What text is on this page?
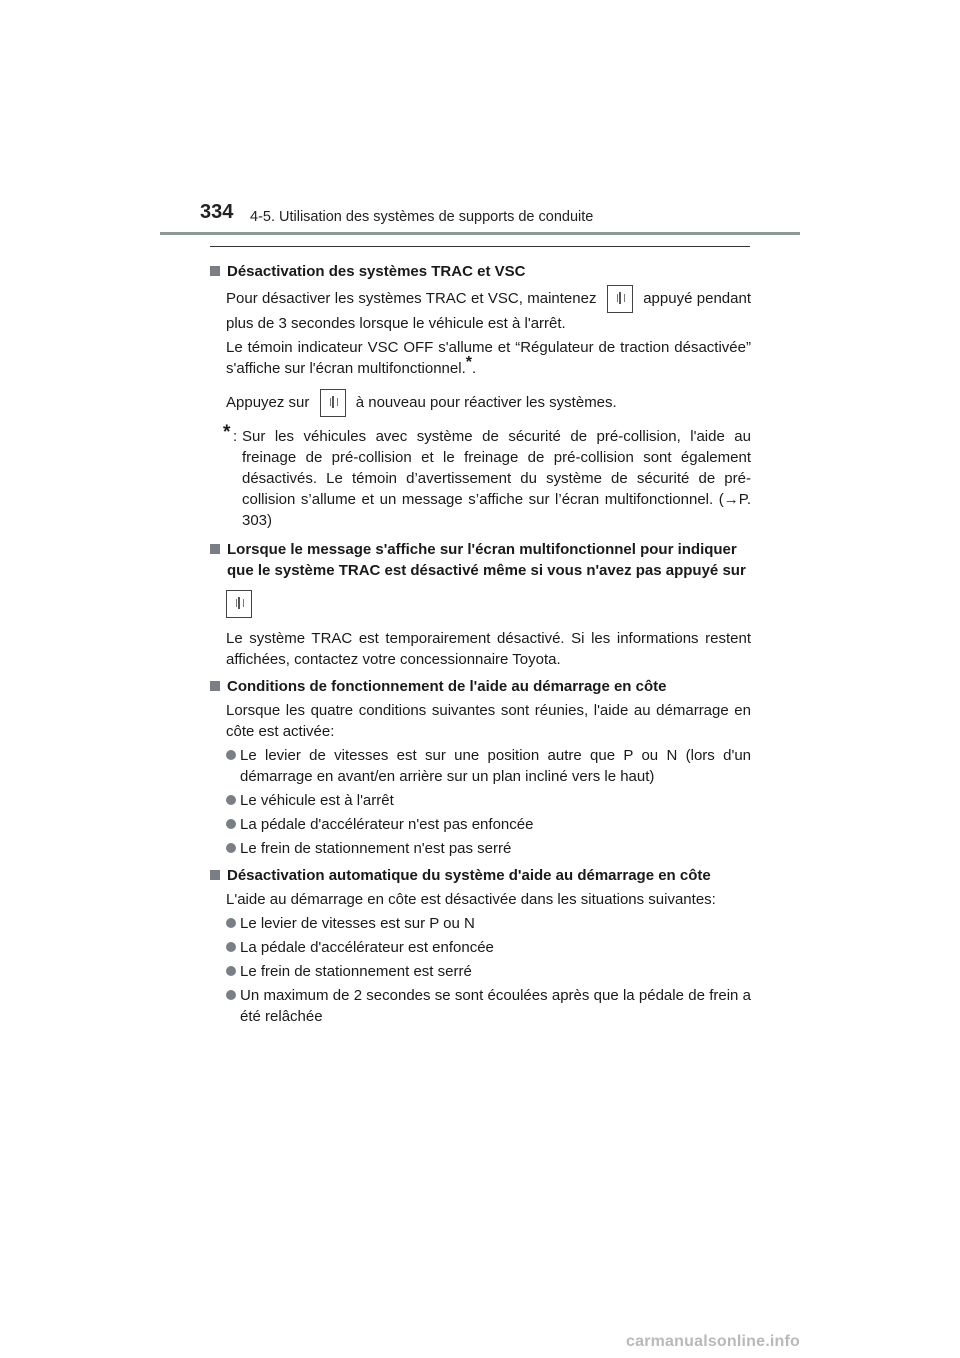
334 4-5. Utilisation des systèmes de supports de conduite
Désactivation des systèmes TRAC et VSC
Pour désactiver les systèmes TRAC et VSC, maintenez	appuyé pendant plus de 3 secondes lorsque le véhicule est à l'arrêt.
Le témoin indicateur VSC OFF s'allume et “Régulateur de traction désactivée” s'affiche sur l'écran multifonctionnel.*.
Appuyez sur	à nouveau pour réactiver les systèmes.
* : Sur les véhicules avec système de sécurité de pré-collision, l'aide au freinage de pré-collision et le freinage de pré-collision sont également désactivés. Le témoin d’avertissement du système de sécurité de pré-collision s’allume et un message s’affiche sur l’écran multifonctionnel. (→P. 303)
Lorsque le message s'affiche sur l'écran multifonctionnel pour indiquer que le système TRAC est désactivé même si vous n'avez pas appuyé sur
Le système TRAC est temporairement désactivé. Si les informations restent affichées, contactez votre concessionnaire Toyota.
Conditions de fonctionnement de l'aide au démarrage en côte
Lorsque les quatre conditions suivantes sont réunies, l'aide au démarrage en côte est activée:
Le levier de vitesses est sur une position autre que P ou N (lors d'un démarrage en avant/en arrière sur un plan incliné vers le haut)
Le véhicule est à l'arrêt
La pédale d'accélérateur n'est pas enfoncée
Le frein de stationnement n'est pas serré
Désactivation automatique du système d'aide au démarrage en côte
L'aide au démarrage en côte est désactivée dans les situations suivantes:
Le levier de vitesses est sur P ou N
La pédale d'accélérateur est enfoncée
Le frein de stationnement est serré
Un maximum de 2 secondes se sont écoulées après que la pédale de frein a été relâchée
carmanualsonline.info
